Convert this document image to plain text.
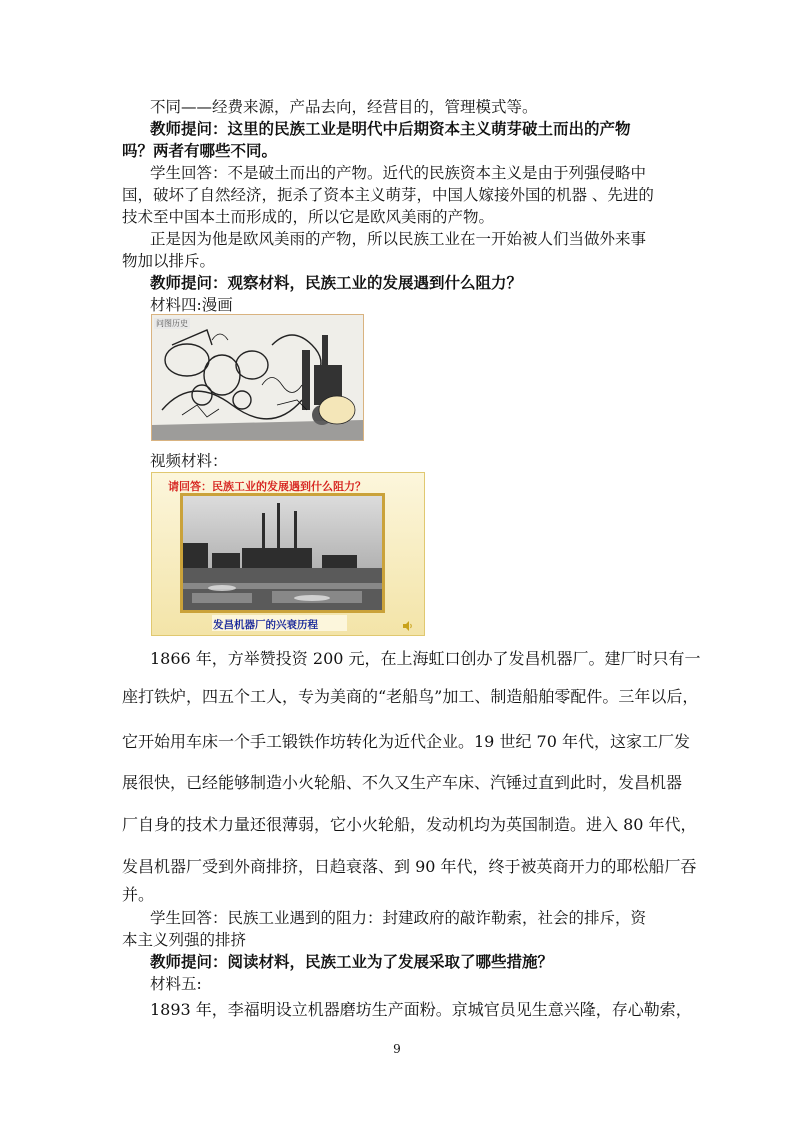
不同——经费来源，产品去向，经营目的，管理模式等。
教师提问：这里的民族工业是明代中后期资本主义萌芽破土而出的产物
吗？两者有哪些不同。
学生回答：不是破土而出的产物。近代的民族资本主义是由于列强侵略中
国，破坏了自然经济，扼杀了资本主义萌芽，中国人嫁接外国的机器 、先进的
技术至中国本土而形成的，所以它是欧风美雨的产物。
正是因为他是欧风美雨的产物，所以民族工业在一开始被人们当做外来事
物加以排斥。
教师提问：观察材料，民族工业的发展遇到什么阻力？
材料四:漫画
问图历史
视频材料：
请回答：民族工业的发展遇到什么阻力？
发昌机器厂的兴衰历程
1866 年，方举赞投资 200 元，在上海虹口创办了发昌机器厂。建厂时只有一
座打铁炉，四五个工人，专为美商的“老船鸟”加工、制造船舶零配件。三年以后，
它开始用车床一个手工锻铁作坊转化为近代企业。19 世纪 70 年代，这家工厂发
展很快，已经能够制造小火轮船、不久又生产车床、汽锤过直到此时，发昌机器
厂自身的技术力量还很薄弱，它小火轮船，发动机均为英国制造。进入 80 年代，
发昌机器厂受到外商排挤，日趋衰落、到 90 年代，终于被英商开力的耶松船厂吞
并。
学生回答：民族工业遇到的阻力：封建政府的敲诈勒索，社会的排斥，资
本主义列强的排挤
教师提问：阅读材料，民族工业为了发展采取了哪些措施？
材料五:
1893 年，李福明设立机器磨坊生产面粉。京城官员见生意兴隆，存心勒索，
9
